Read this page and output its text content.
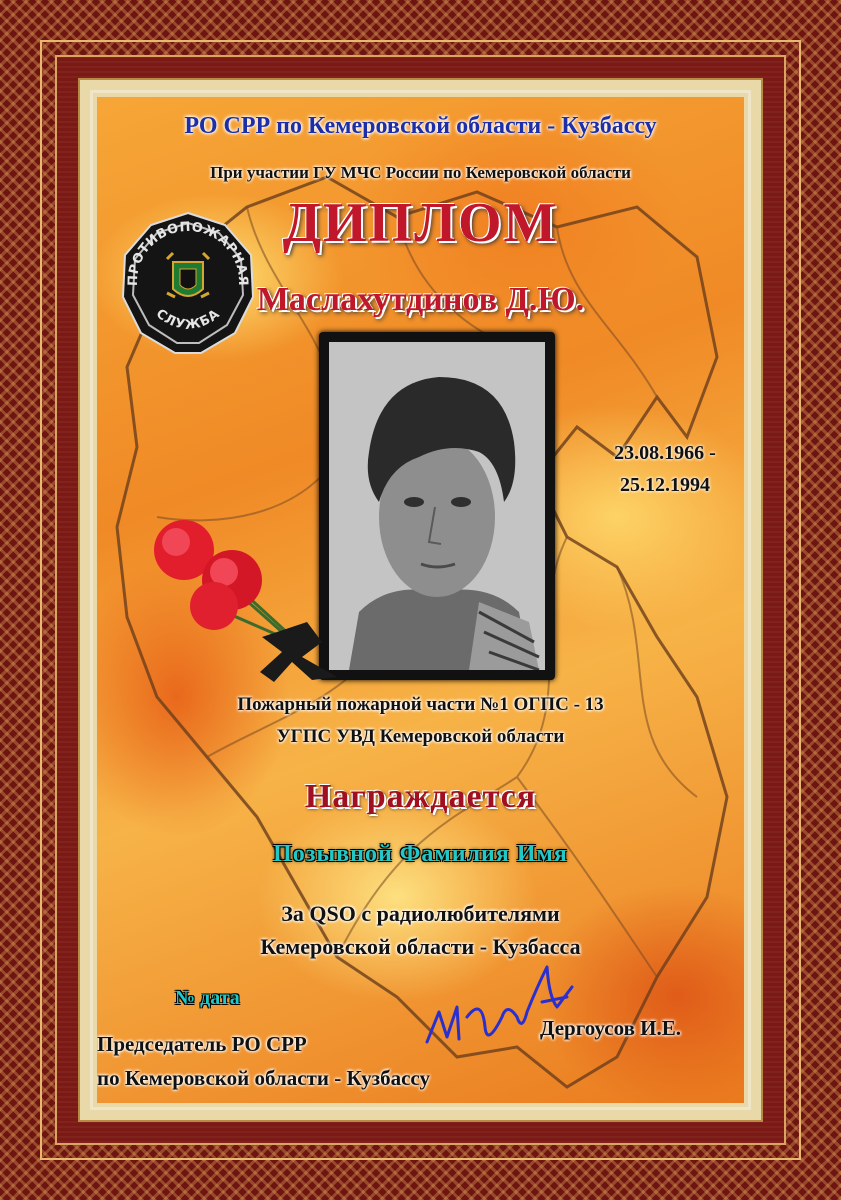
РО СРР по Кемеровской области - Кузбассу
При участии ГУ МЧС России по Кемеровской области
ДИПЛОМ
Маслахутдинов Д.Ю.
ПРОТИВОПОЖАРНАЯ
СЛУЖБА
23.08.1966 -
25.12.1994
Пожарный пожарной части №1 ОГПС - 13
УГПС УВД Кемеровской области
Награждается
Позывной Фамилия Имя
За QSO с радиолюбителями
Кемеровской области - Кузбасса
№ дата
Председатель РО СРР
по Кемеровской области - Кузбассу
Дергоусов И.Е.
